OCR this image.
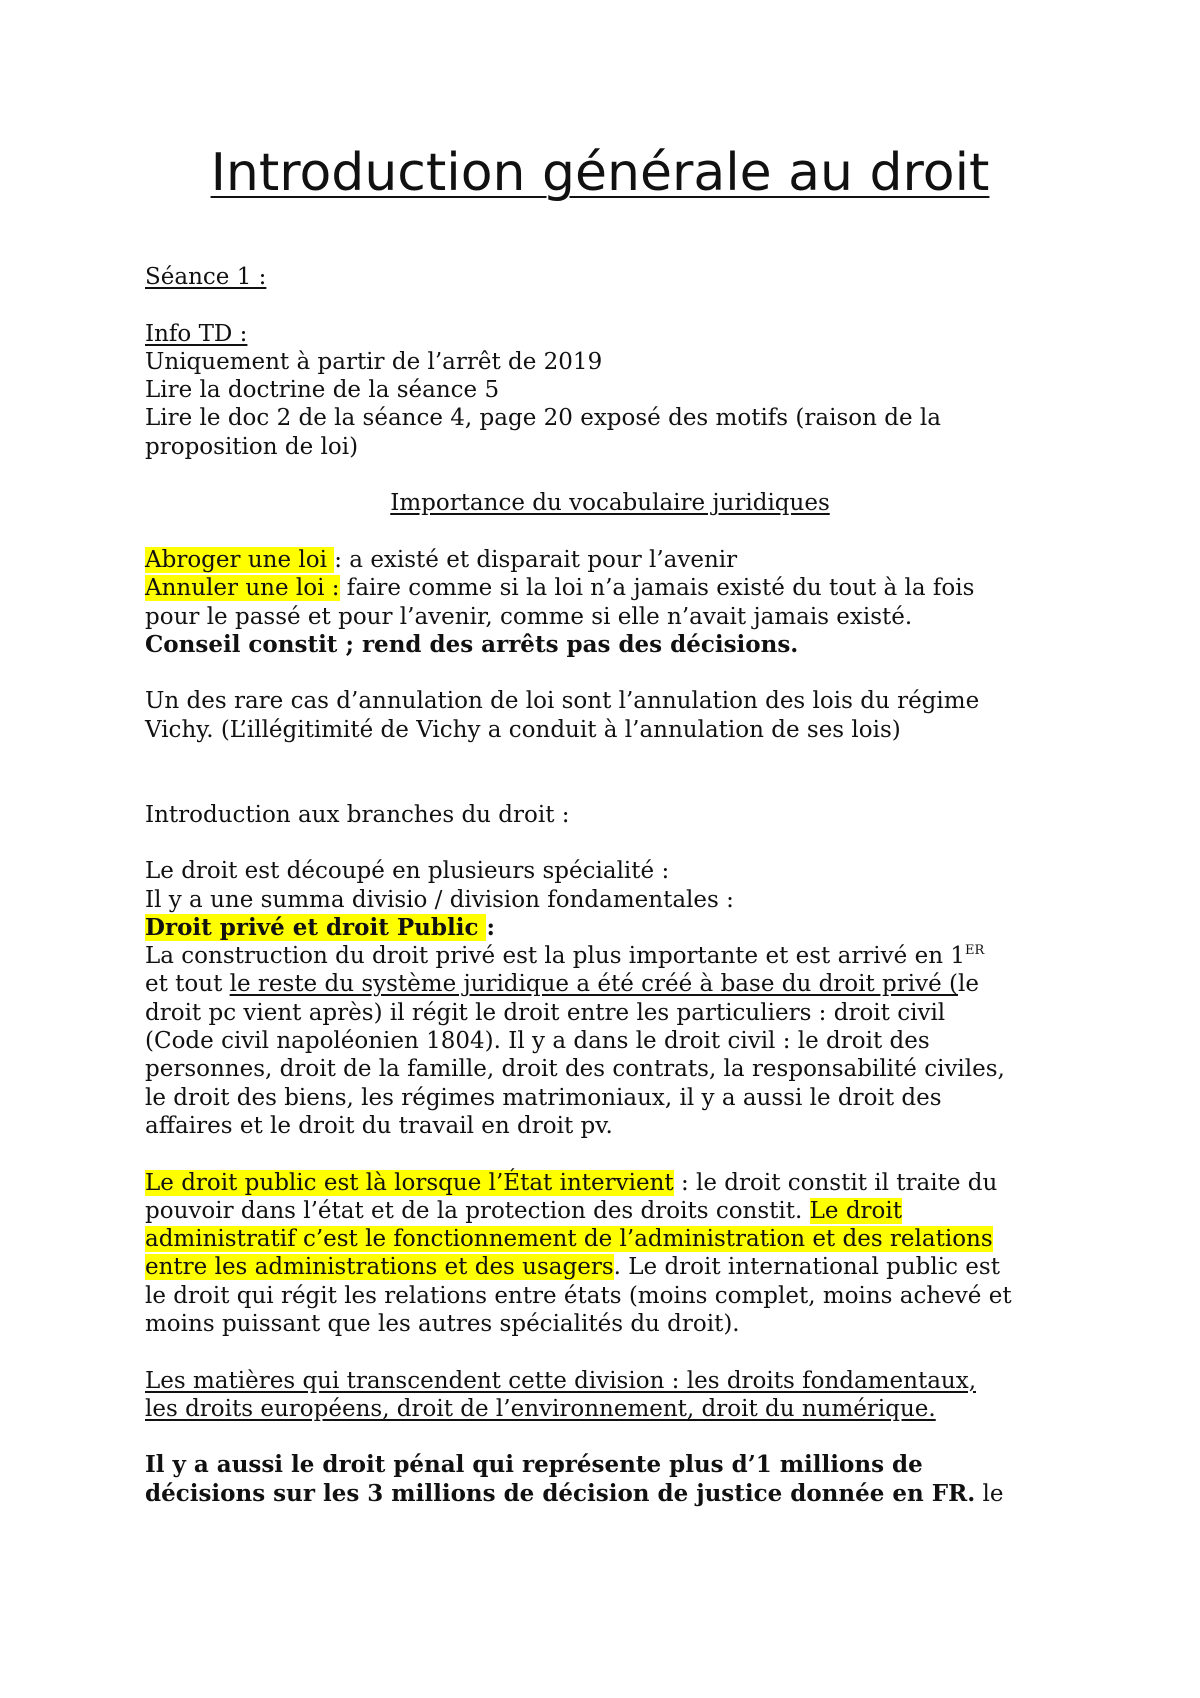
Introduction générale au droit

Séance 1 :

Info TD :

Uniquement à partir de l’arrêt de 2019

Lire la doctrine de la séance 5

Lire le doc 2 de la séance 4, page 20 exposé des motifs (raison de la

proposition de loi)

Importance du vocabulaire juridiques

Abroger une loi : a existé et disparait pour l’avenir

Annuler une loi : faire comme si la loi n’a jamais existé du tout à la fois

pour le passé et pour l’avenir, comme si elle n’avait jamais existé.

Conseil constit ; rend des arrêts pas des décisions.

Un des rare cas d’annulation de loi sont l’annulation des lois du régime

Vichy. (L’illégitimité de Vichy a conduit à l’annulation de ses lois)

Introduction aux branches du droit :

Le droit est découpé en plusieurs spécialité :

Il y a une summa divisio / division fondamentales :

Droit privé et droit Public :

La construction du droit privé est la plus importante et est arrivé en 1ER

et tout le reste du système juridique a été créé à base du droit privé (le

droit pc vient après) il régit le droit entre les particuliers : droit civil

(Code civil napoléonien 1804). Il y a dans le droit civil : le droit des

personnes, droit de la famille, droit des contrats, la responsabilité civiles,

le droit des biens, les régimes matrimoniaux, il y a aussi le droit des

affaires et le droit du travail en droit pv.

Le droit public est là lorsque l’État intervient : le droit constit il traite du

pouvoir dans l’état et de la protection des droits constit. Le droit

administratif c’est le fonctionnement de l’administration et des relations

entre les administrations et des usagers. Le droit international public est

le droit qui régit les relations entre états (moins complet, moins achevé et

moins puissant que les autres spécialités du droit).

Les matières qui transcendent cette division : les droits fondamentaux,

les droits européens, droit de l’environnement, droit du numérique.

Il y a aussi le droit pénal qui représente plus d’1 millions de

décisions sur les 3 millions de décision de justice donnée en FR. le
